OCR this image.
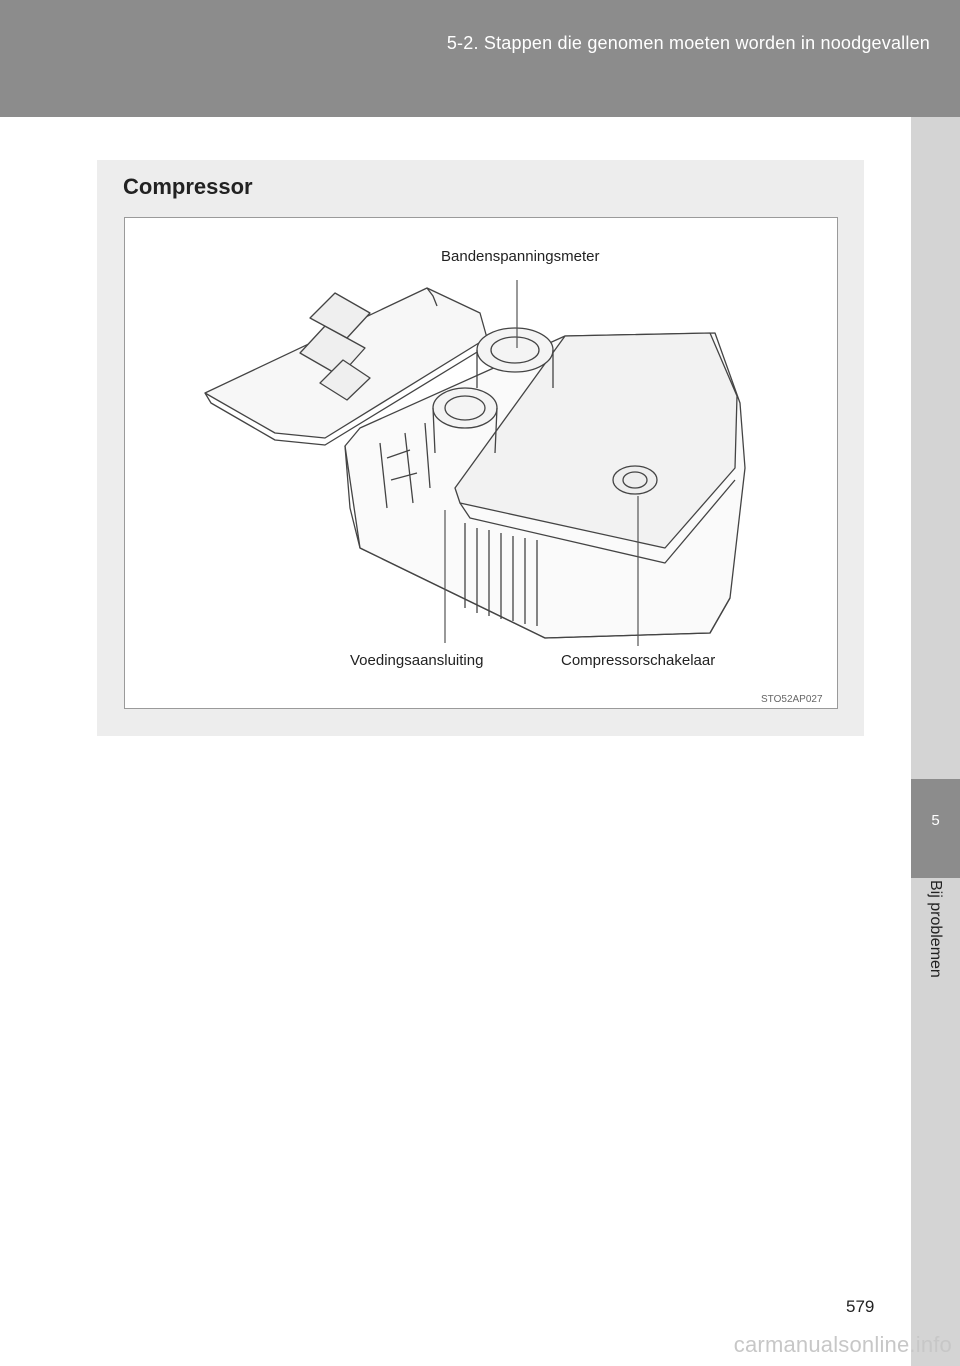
5-2. Stappen die genomen moeten worden in noodgevallen
5
Bij problemen
Compressor
Bandenspanningsmeter
Voedingsaansluiting	Compressorschakelaar
STO52AP027
579
carmanualsonline.info
